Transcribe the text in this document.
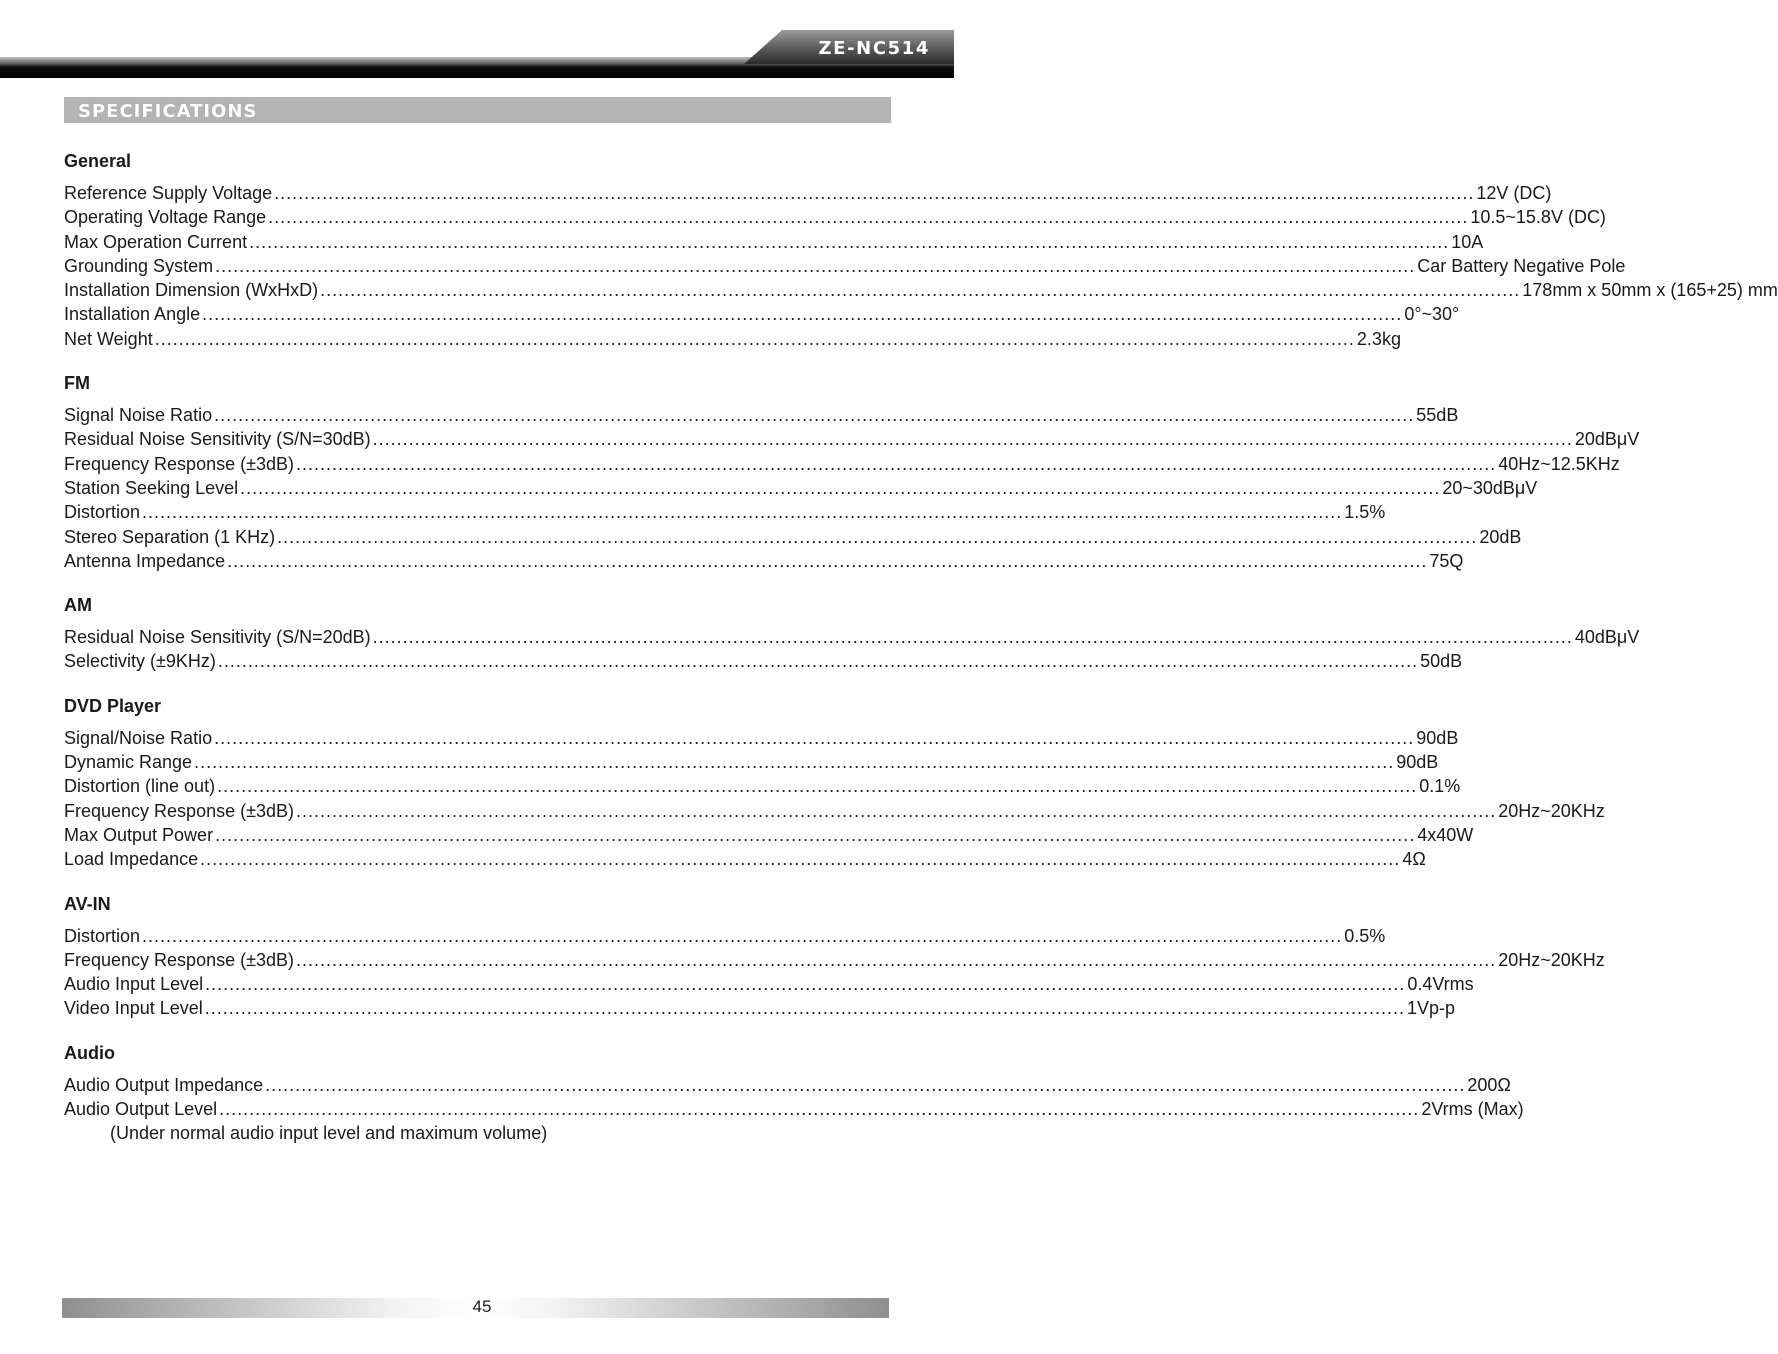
ZE-NC514
SPECIFICATIONS
General
Reference Supply Voltage ........................................................................................................................................................................................................ 12V (DC)
Operating Voltage Range ........................................................................................................................................................................................................ 10.5~15.8V (DC)
Max Operation Current ........................................................................................................................................................................................................ 10A
Grounding System ........................................................................................................................................................................................................ Car Battery Negative Pole
Installation Dimension (WxHxD) ........................................................................................................................................................................................................ 178mm x 50mm x (165+25) mm
Installation Angle ........................................................................................................................................................................................................ 0°~30°
Net Weight ........................................................................................................................................................................................................ 2.3kg
FM
Signal Noise Ratio ........................................................................................................................................................................................................ 55dB
Residual Noise Sensitivity (S/N=30dB) ........................................................................................................................................................................................................ 20dBμV
Frequency Response (±3dB) ........................................................................................................................................................................................................ 40Hz~12.5KHz
Station Seeking Level ........................................................................................................................................................................................................ 20~30dBμV
Distortion ........................................................................................................................................................................................................ 1.5%
Stereo Separation (1 KHz) ........................................................................................................................................................................................................ 20dB
Antenna Impedance ........................................................................................................................................................................................................ 75Q
AM
Residual Noise Sensitivity (S/N=20dB) ........................................................................................................................................................................................................ 40dBμV
Selectivity (±9KHz) ........................................................................................................................................................................................................ 50dB
DVD Player
Signal/Noise Ratio ........................................................................................................................................................................................................ 90dB
Dynamic Range ........................................................................................................................................................................................................ 90dB
Distortion (line out) ........................................................................................................................................................................................................ 0.1%
Frequency Response (±3dB) ........................................................................................................................................................................................................ 20Hz~20KHz
Max Output Power ........................................................................................................................................................................................................ 4x40W
Load Impedance ........................................................................................................................................................................................................ 4Ω
AV-IN
Distortion ........................................................................................................................................................................................................ 0.5%
Frequency Response (±3dB) ........................................................................................................................................................................................................ 20Hz~20KHz
Audio Input Level ........................................................................................................................................................................................................ 0.4Vrms
Video Input Level ........................................................................................................................................................................................................ 1Vp-p
Audio
Audio Output Impedance ........................................................................................................................................................................................................ 200Ω
Audio Output Level ........................................................................................................................................................................................................ 2Vrms (Max)
(Under normal audio input level and maximum volume)
45
